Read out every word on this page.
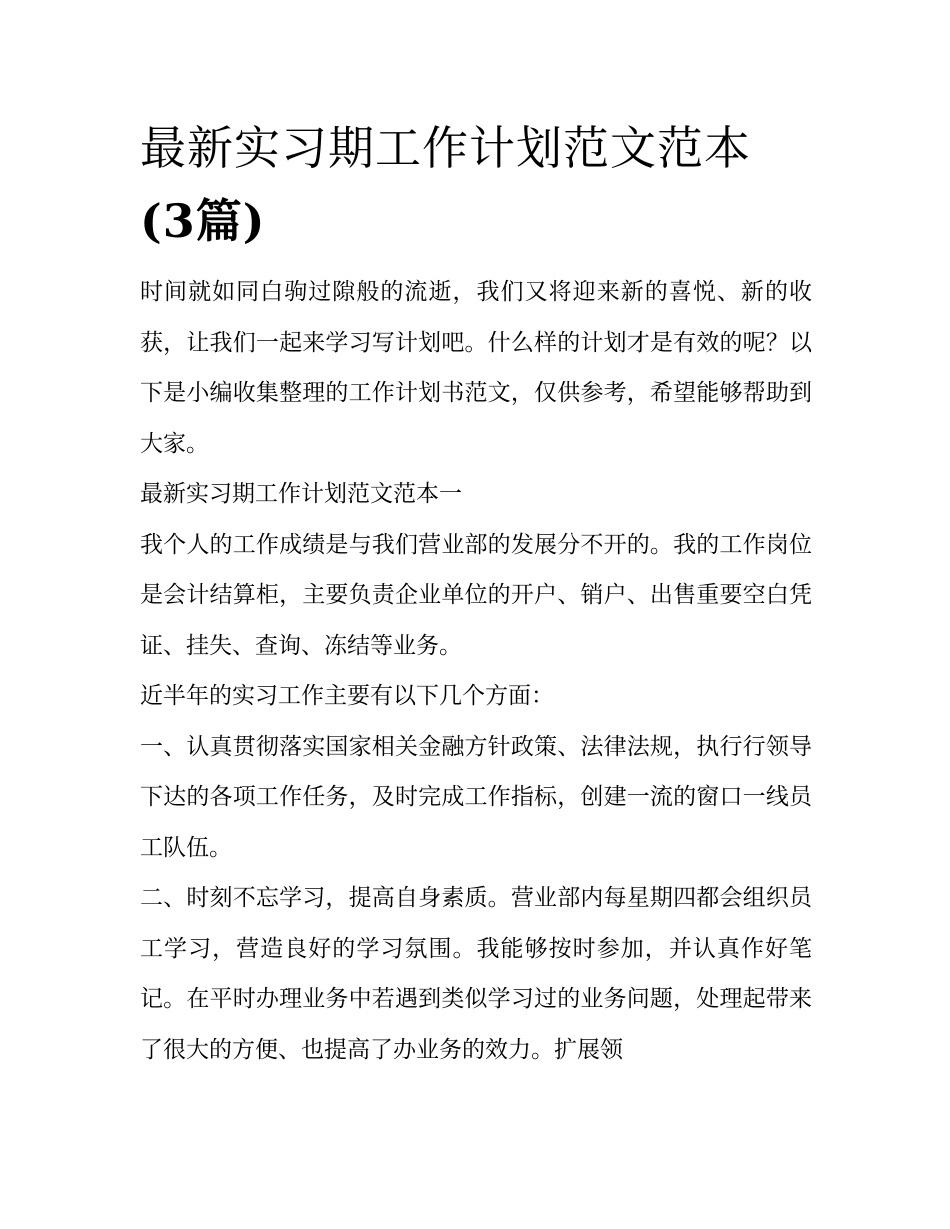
最新实习期工作计划范文范本
(3篇)

时间就如同白驹过隙般的流逝，我们又将迎来新的喜悦、新的收获，让我们一起来学习写计划吧。什么样的计划才是有效的呢？以下是小编收集整理的工作计划书范文，仅供参考，希望能够帮助到大家。

最新实习期工作计划范文范本一

我个人的工作成绩是与我们营业部的发展分不开的。我的工作岗位是会计结算柜，主要负责企业单位的开户、销户、出售重要空白凭证、挂失、查询、冻结等业务。

近半年的实习工作主要有以下几个方面：

一、认真贯彻落实国家相关金融方针政策、法律法规，执行行领导下达的各项工作任务，及时完成工作指标，创建一流的窗口一线员工队伍。

二、时刻不忘学习，提高自身素质。营业部内每星期四都会组织员工学习，营造良好的学习氛围。我能够按时参加，并认真作好笔记。在平时办理业务中若遇到类似学习过的业务问题，处理起带来了很大的方便、也提高了办业务的效力。扩展领
